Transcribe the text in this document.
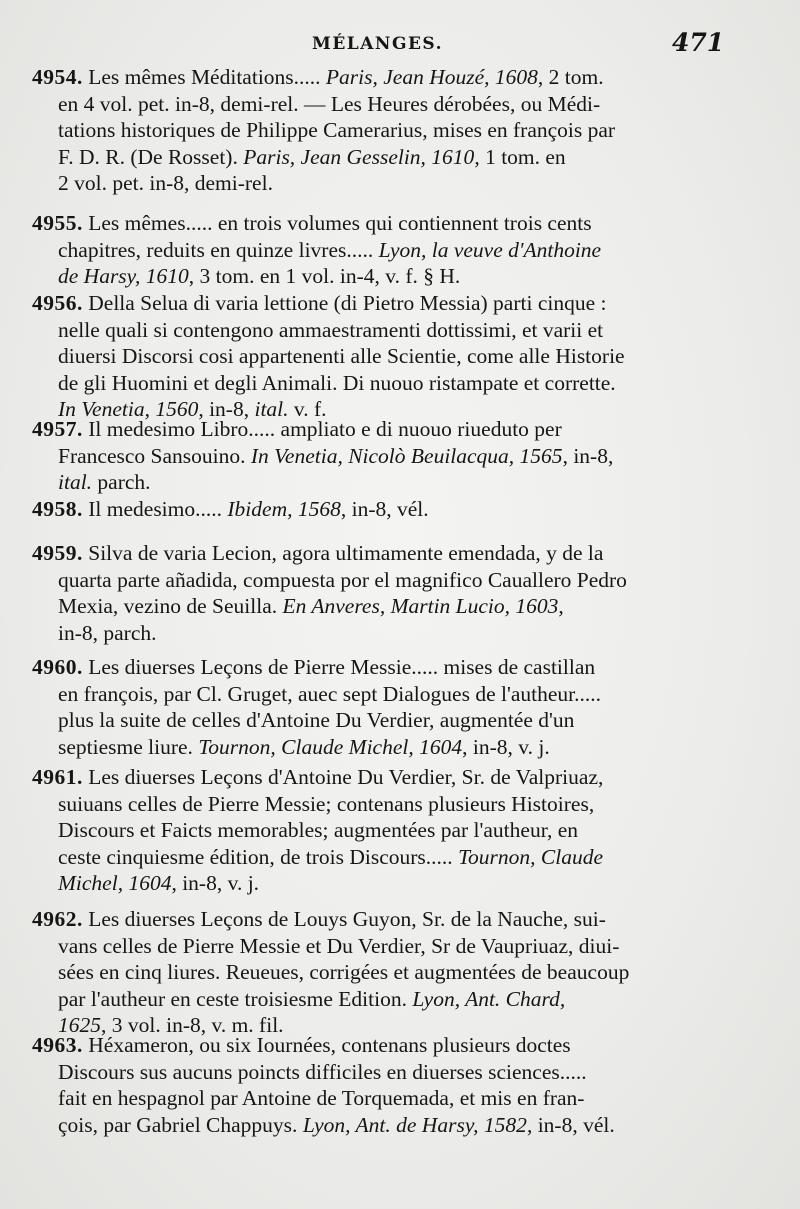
MÉLANGES.	471
4954. Les mêmes Méditations..... Paris, Jean Houzé, 1608, 2 tom.
en 4 vol. pet. in-8, demi-rel. — Les Heures dérobées, ou Médi-
tations historiques de Philippe Camerarius, mises en françois par
F. D. R. (De Rosset). Paris, Jean Gesselin, 1610, 1 tom. en
2 vol. pet. in-8, demi-rel.
4955. Les mêmes..... en trois volumes qui contiennent trois cents
chapitres, reduits en quinze livres..... Lyon, la veuve d'Anthoine
de Harsy, 1610, 3 tom. en 1 vol. in-4, v. f. § H.
4956. Della Selua di varia lettione (di Pietro Messia) parti cinque :
nelle quali si contengono ammaestramenti dottissimi, et varii et
diuersi Discorsi cosi appartenenti alle Scientie, come alle Historie
de gli Huomini et degli Animali. Di nuouo ristampate et corrette.
In Venetia, 1560, in-8, ital. v. f.
4957. Il medesimo Libro..... ampliato e di nuouo riueduto per
Francesco Sansouino. In Venetia, Nicolò Beuilacqua, 1565, in-8,
ital. parch.
4958. Il medesimo..... Ibidem, 1568, in-8, vél.
4959. Silva de varia Lecion, agora ultimamente emendada, y de la
quarta parte añadida, compuesta por el magnifico Cauallero Pedro
Mexia, vezino de Seuilla. En Anveres, Martin Lucio, 1603,
in-8, parch.
4960. Les diuerses Leçons de Pierre Messie..... mises de castillan
en françois, par Cl. Gruget, auec sept Dialogues de l'autheur.....
plus la suite de celles d'Antoine Du Verdier, augmentée d'un
septiesme liure. Tournon, Claude Michel, 1604, in-8, v. j.
4961. Les diuerses Leçons d'Antoine Du Verdier, Sr. de Valpriuaz,
suiuans celles de Pierre Messie; contenans plusieurs Histoires,
Discours et Faicts memorables; augmentées par l'autheur, en
ceste cinquiesme édition, de trois Discours..... Tournon, Claude
Michel, 1604, in-8, v. j.
4962. Les diuerses Leçons de Louys Guyon, Sr. de la Nauche, sui-
vans celles de Pierre Messie et Du Verdier, Sr de Vaupriuaz, diui-
sées en cinq liures. Reueues, corrigées et augmentées de beaucoup
par l'autheur en ceste troisiesme Edition. Lyon, Ant. Chard,
1625, 3 vol. in-8, v. m. fil.
4963. Héxameron, ou six Iournées, contenans plusieurs doctes
Discours sus aucuns poincts difficiles en diuerses sciences.....
fait en hespagnol par Antoine de Torquemada, et mis en fran-
çois, par Gabriel Chappuys. Lyon, Ant. de Harsy, 1582, in-8, vél.
